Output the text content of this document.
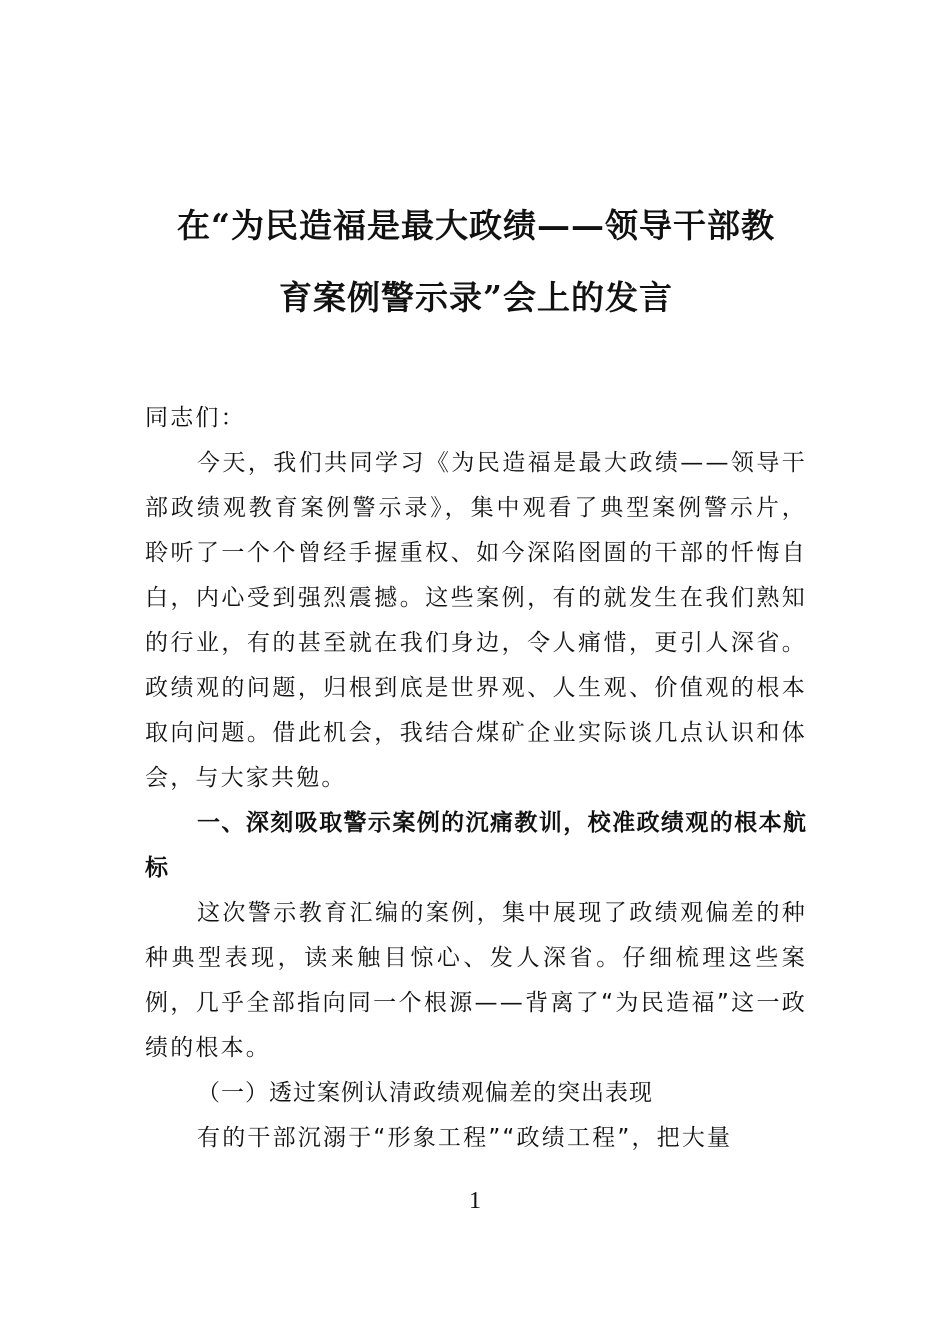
在“为民造福是最大政绩——领导干部教
育案例警示录”会上的发言

同志们：

今天，我们共同学习《为民造福是最大政绩——领导干部政绩观教育案例警示录》，集中观看了典型案例警示片，聆听了一个个曾经手握重权、如今深陷囹圄的干部的忏悔自白，内心受到强烈震撼。这些案例，有的就发生在我们熟知的行业，有的甚至就在我们身边，令人痛惜，更引人深省。政绩观的问题，归根到底是世界观、人生观、价值观的根本取向问题。借此机会，我结合煤矿企业实际谈几点认识和体会，与大家共勉。

一、深刻吸取警示案例的沉痛教训，校准政绩观的根本航标

这次警示教育汇编的案例，集中展现了政绩观偏差的种种典型表现，读来触目惊心、发人深省。仔细梳理这些案例，几乎全部指向同一个根源——背离了“为民造福”这一政绩的根本。

（一）透过案例认清政绩观偏差的突出表现

有的干部沉溺于“形象工程”“政绩工程”，把大量

1
